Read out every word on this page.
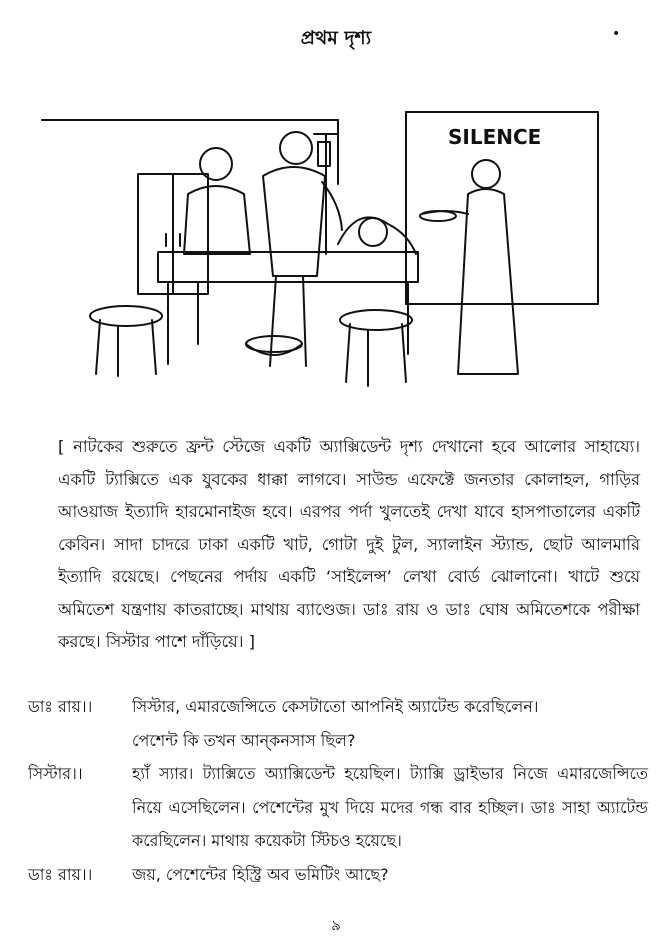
প্রথম দৃশ্য	•
SILENCE

[ নাটকের শুরুতে ফ্রন্ট স্টেজে একটি অ্যাক্সিডেন্ট দৃশ্য দেখানো হবে আলোর সাহায্যে। একটি ট্যাক্সিতে এক যুবকের ধাক্কা লাগবে। সাউন্ড এফেক্টে জনতার কোলাহল, গাড়ির আওয়াজ ইত্যাদি হারমোনাইজ হবে। এরপর পর্দা খুলতেই দেখা যাবে হাসপাতালের একটি কেবিন। সাদা চাদরে ঢাকা একটি খাট, গোটা দুই টুল, স্যালাইন স্ট্যান্ড, ছোট আলমারি ইত্যাদি রয়েছে। পেছনের পর্দায় একটি ‘সাইলেন্স’ লেখা বোর্ড ঝোলানো। খাটে শুয়ে অমিতেশ যন্ত্রণায় কাতরাচ্ছে। মাথায় ব্যাণ্ডেজ। ডাঃ রায় ও ডাঃ ঘোষ অমিতেশকে পরীক্ষা করছে। সিস্টার পাশে দাঁড়িয়ে। ]

ডাঃ রায়।।	সিস্টার, এমারজেন্সিতে কেসটাতো আপনিই অ্যাটেন্ড করেছিলেন।

পেশেন্ট কি তখন আন্‌কনসাস ছিল?

সিস্টার।।	হ্যাঁ স্যার। ট্যাক্সিতে অ্যাক্সিডেন্ট হয়েছিল। ট্যাক্সি ড্রাইভার নিজে এমারজেন্সিতে নিয়ে এসেছিলেন। পেশেন্টের মুখ দিয়ে মদের গন্ধ বার হচ্ছিল। ডাঃ সাহা অ্যাটেন্ড করেছিলেন। মাথায় কয়েকটা স্টিচও হয়েছে।

ডাঃ রায়।।	জয়, পেশেন্টের হিস্ট্রি অব ভমিটিং আছে?

৯
